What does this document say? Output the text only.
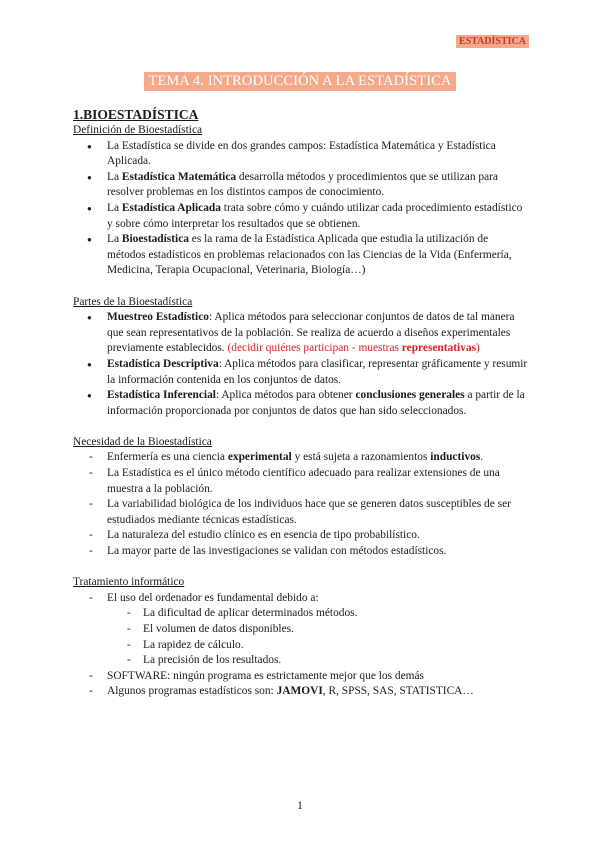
ESTADÍSTICA
TEMA 4. INTRODUCCIÓN A LA ESTADÍSTICA
1.BIOESTADÍSTICA

Definición de Bioestadística

● La Estadística se divide en dos grandes campos: Estadística Matemática y Estadística Aplicada.
● La Estadística Matemática desarrolla métodos y procedimientos que se utilizan para resolver problemas en los distintos campos de conocimiento.
● La Estadística Aplicada trata sobre cómo y cuándo utilizar cada procedimiento estadístico y sobre cómo interpretar los resultados que se obtienen.
● La Bioestadística es la rama de la Estadística Aplicada que estudia la utilización de métodos estadísticos en problemas relacionados con las Ciencias de la Vida (Enfermería, Medicina, Terapia Ocupacional, Veterinaria, Biología…)

Partes de la Bioestadística

● Muestreo Estadístico: Aplica métodos para seleccionar conjuntos de datos de tal manera que sean representativos de la población. Se realiza de acuerdo a diseños experimentales previamente establecidos. (decidir quiénes participan - muestras representativas)
● Estadística Descriptiva: Aplica métodos para clasificar, representar gráficamente y resumir la información contenida en los conjuntos de datos.
● Estadística Inferencial: Aplica métodos para obtener conclusiones generales a partir de la información proporcionada por conjuntos de datos que han sido seleccionados.

Necesidad de la Bioestadística

- Enfermería es una ciencia experimental y está sujeta a razonamientos inductivos.
- La Estadística es el único método científico adecuado para realizar extensiones de una muestra a la población.
- La variabilidad biológica de los individuos hace que se generen datos susceptibles de ser estudiados mediante técnicas estadísticas.
- La naturaleza del estudio clínico es en esencia de tipo probabilístico.
- La mayor parte de las investigaciones se validan con métodos estadísticos.

Tratamiento informático

- El uso del ordenador es fundamental debido a:
- La dificultad de aplicar determinados métodos.
- El volumen de datos disponibles.
- La rapidez de cálculo.
- La precisión de los resultados.
- SOFTWARE: ningún programa es estrictamente mejor que los demás
- Algunos programas estadísticos son: JAMOVI, R, SPSS, SAS, STATISTICA…
1
